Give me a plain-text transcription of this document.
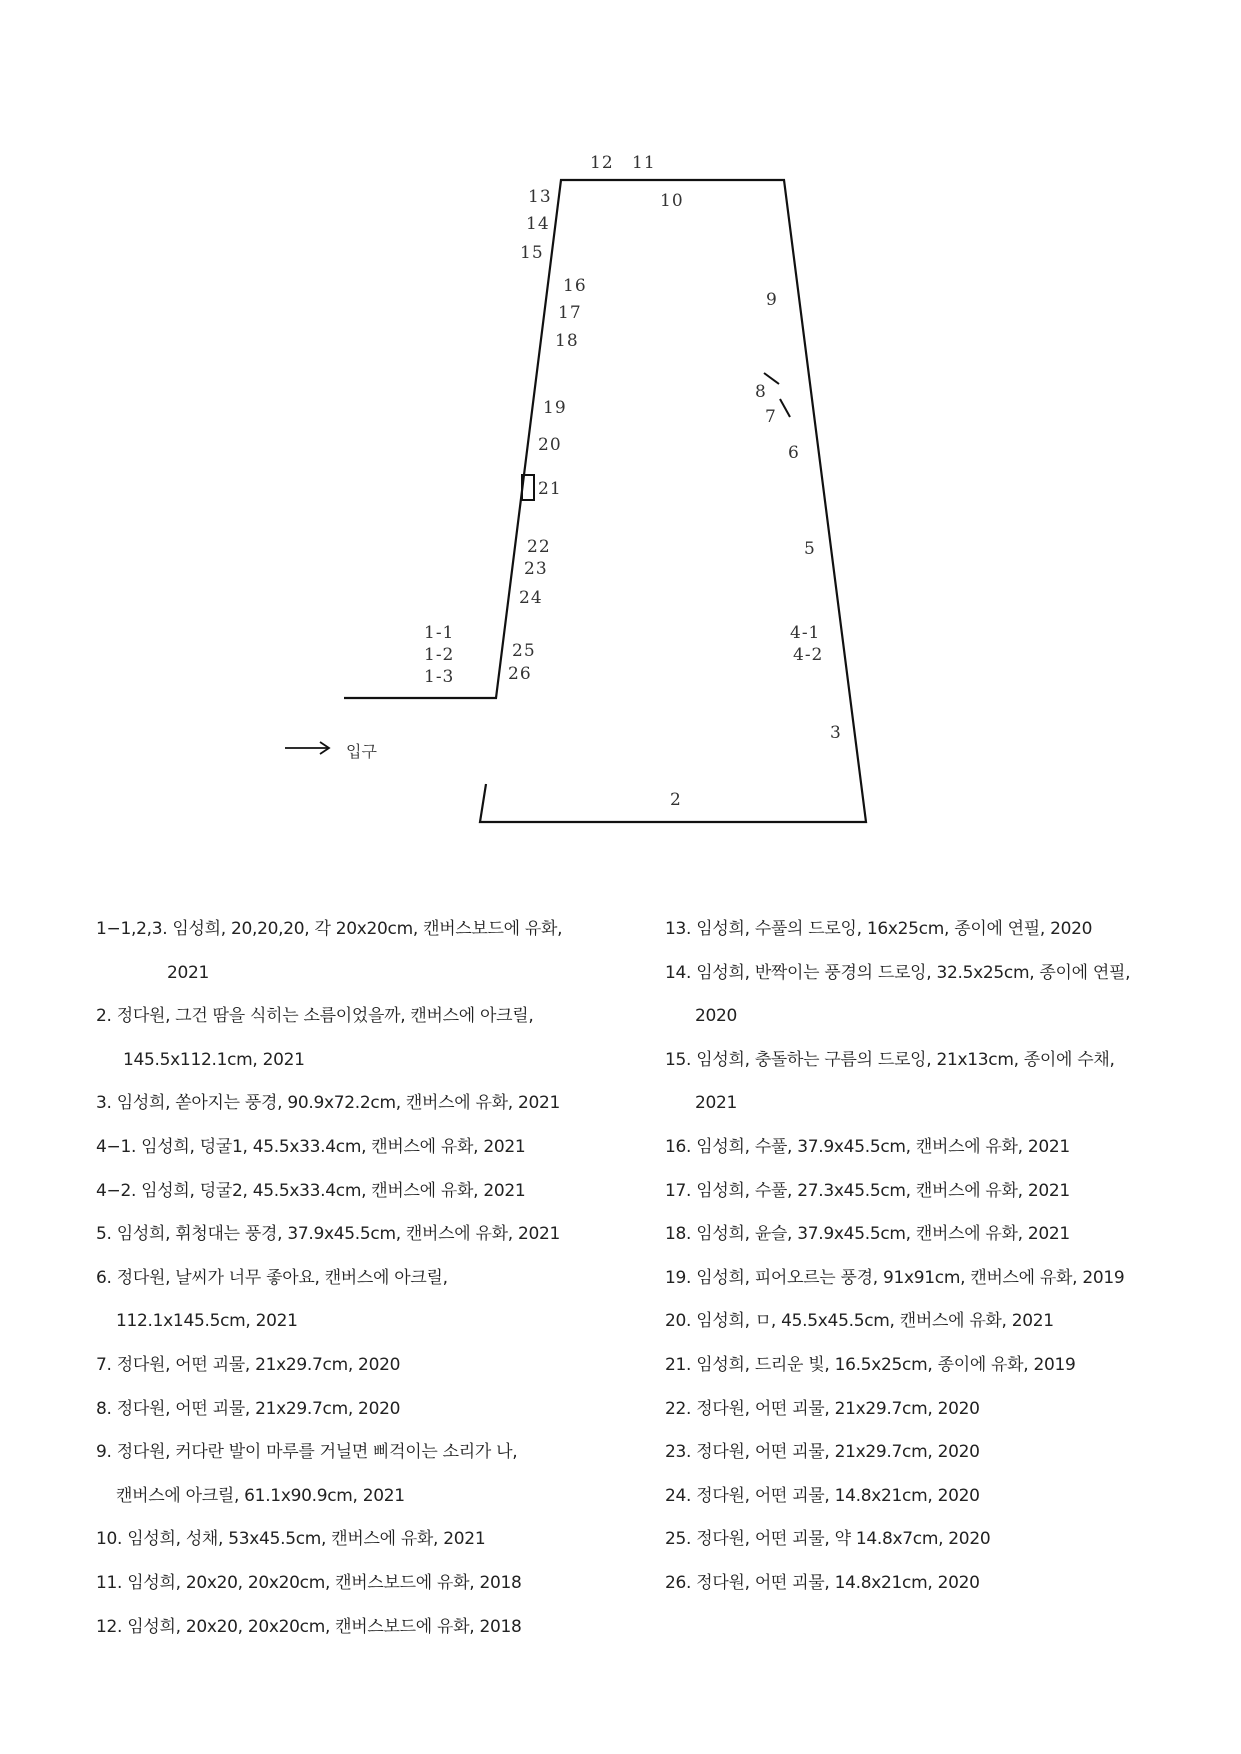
입구
13
14
15
12 11
10
16
17
18
9
8
7
19
20	6
21
22
23
5
24
1-1
1-2
1-3
25
26
4-1
4-2
3
2
1−1,2,3. 임성희, 20,20,20, 각 20x20cm, 캔버스보드에 유화,
2021
2. 정다원, 그건 땀을 식히는 소름이었을까, 캔버스에 아크릴,
145.5x112.1cm, 2021
3. 임성희, 쏟아지는 풍경, 90.9x72.2cm, 캔버스에 유화, 2021
4−1. 임성희, 덩굴1, 45.5x33.4cm, 캔버스에 유화, 2021
4−2. 임성희, 덩굴2, 45.5x33.4cm, 캔버스에 유화, 2021
5. 임성희, 휘청대는 풍경, 37.9x45.5cm, 캔버스에 유화, 2021
6. 정다원, 날씨가 너무 좋아요, 캔버스에 아크릴,
112.1x145.5cm, 2021
7. 정다원, 어떤 괴물, 21x29.7cm, 2020
8. 정다원, 어떤 괴물, 21x29.7cm, 2020
9. 정다원, 커다란 발이 마루를 거닐면 삐걱이는 소리가 나,
캔버스에 아크릴, 61.1x90.9cm, 2021
10. 임성희, 성채, 53x45.5cm, 캔버스에 유화, 2021
11. 임성희, 20x20, 20x20cm, 캔버스보드에 유화, 2018
12. 임성희, 20x20, 20x20cm, 캔버스보드에 유화, 2018
13. 임성희, 수풀의 드로잉, 16x25cm, 종이에 연필, 2020
14. 임성희, 반짝이는 풍경의 드로잉, 32.5x25cm, 종이에 연필,
2020
15. 임성희, 충돌하는 구름의 드로잉, 21x13cm, 종이에 수채,
2021
16. 임성희, 수풀, 37.9x45.5cm, 캔버스에 유화, 2021
17. 임성희, 수풀, 27.3x45.5cm, 캔버스에 유화, 2021
18. 임성희, 윤슬, 37.9x45.5cm, 캔버스에 유화, 2021
19. 임성희, 피어오르는 풍경, 91x91cm, 캔버스에 유화, 2019
20. 임성희, ㅁ, 45.5x45.5cm, 캔버스에 유화, 2021
21. 임성희, 드리운 빛, 16.5x25cm, 종이에 유화, 2019
22. 정다원, 어떤 괴물, 21x29.7cm, 2020
23. 정다원, 어떤 괴물, 21x29.7cm, 2020
24. 정다원, 어떤 괴물, 14.8x21cm, 2020
25. 정다원, 어떤 괴물, 약 14.8x7cm, 2020
26. 정다원, 어떤 괴물, 14.8x21cm, 2020
